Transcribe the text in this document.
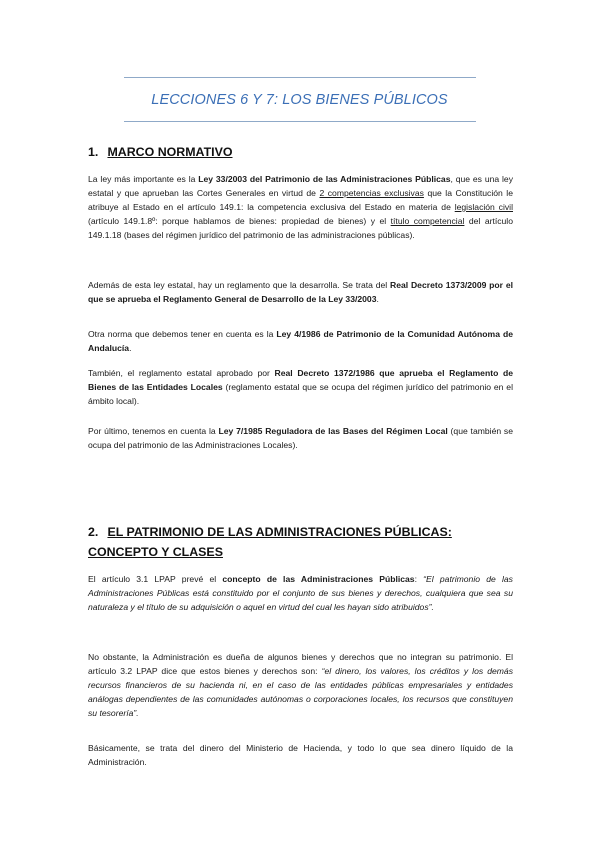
LECCIONES 6 Y 7: LOS BIENES PÚBLICOS
1. MARCO NORMATIVO
La ley más importante es la Ley 33/2003 del Patrimonio de las Administraciones Públicas, que es una ley estatal y que aprueban las Cortes Generales en virtud de 2 competencias exclusivas que la Constitución le atribuye al Estado en el artículo 149.1: la competencia exclusiva del Estado en materia de legislación civil (artículo 149.1.8º: porque hablamos de bienes: propiedad de bienes) y el título competencial del artículo 149.1.18 (bases del régimen jurídico del patrimonio de las administraciones públicas).
Además de esta ley estatal, hay un reglamento que la desarrolla. Se trata del Real Decreto 1373/2009 por el que se aprueba el Reglamento General de Desarrollo de la Ley 33/2003.
Otra norma que debemos tener en cuenta es la Ley 4/1986 de Patrimonio de la Comunidad Autónoma de Andalucía.
También, el reglamento estatal aprobado por Real Decreto 1372/1986 que aprueba el Reglamento de Bienes de las Entidades Locales (reglamento estatal que se ocupa del régimen jurídico del patrimonio en el ámbito local).
Por último, tenemos en cuenta la Ley 7/1985 Reguladora de las Bases del Régimen Local (que también se ocupa del patrimonio de las Administraciones Locales).
2. EL PATRIMONIO DE LAS ADMINISTRACIONES PÚBLICAS: CONCEPTO Y CLASES
El artículo 3.1 LPAP prevé el concepto de las Administraciones Públicas: “El patrimonio de las Administraciones Públicas está constituido por el conjunto de sus bienes y derechos, cualquiera que sea su naturaleza y el título de su adquisición o aquel en virtud del cual les hayan sido atribuidos”.
No obstante, la Administración es dueña de algunos bienes y derechos que no integran su patrimonio. El artículo 3.2 LPAP dice que estos bienes y derechos son: “el dinero, los valores, los créditos y los demás recursos financieros de su hacienda ni, en el caso de las entidades públicas empresariales y entidades análogas dependientes de las comunidades autónomas o corporaciones locales, los recursos que constituyen su tesorería”.
Básicamente, se trata del dinero del Ministerio de Hacienda, y todo lo que sea dinero líquido de la Administración.
